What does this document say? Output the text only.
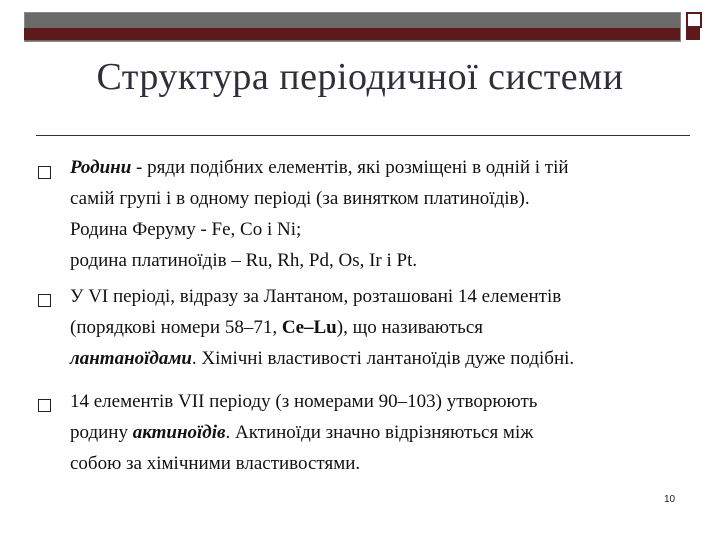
Структура періодичної системи
Родини - ряди подібних елементів, які розміщені в одній і тій
самій групі і в одному періоді (за винятком платиноїдів).
Родина Феруму - Fe, Co і Ni;
родина платиноїдів – Ru, Rh, Pd, Os, Ir і Pt.
У VI періоді, відразу за Лантаном, розташовані 14 елементів
(порядкові номери 58–71, Ce–Lu), що називаються
лантаноїдами. Хімічні властивості лантаноїдів дуже подібні.
14 елементів VII періоду (з номерами 90–103) утворюють
родину актиноїдів. Актиноїди значно відрізняються між
собою за хімічними властивостями.
10
